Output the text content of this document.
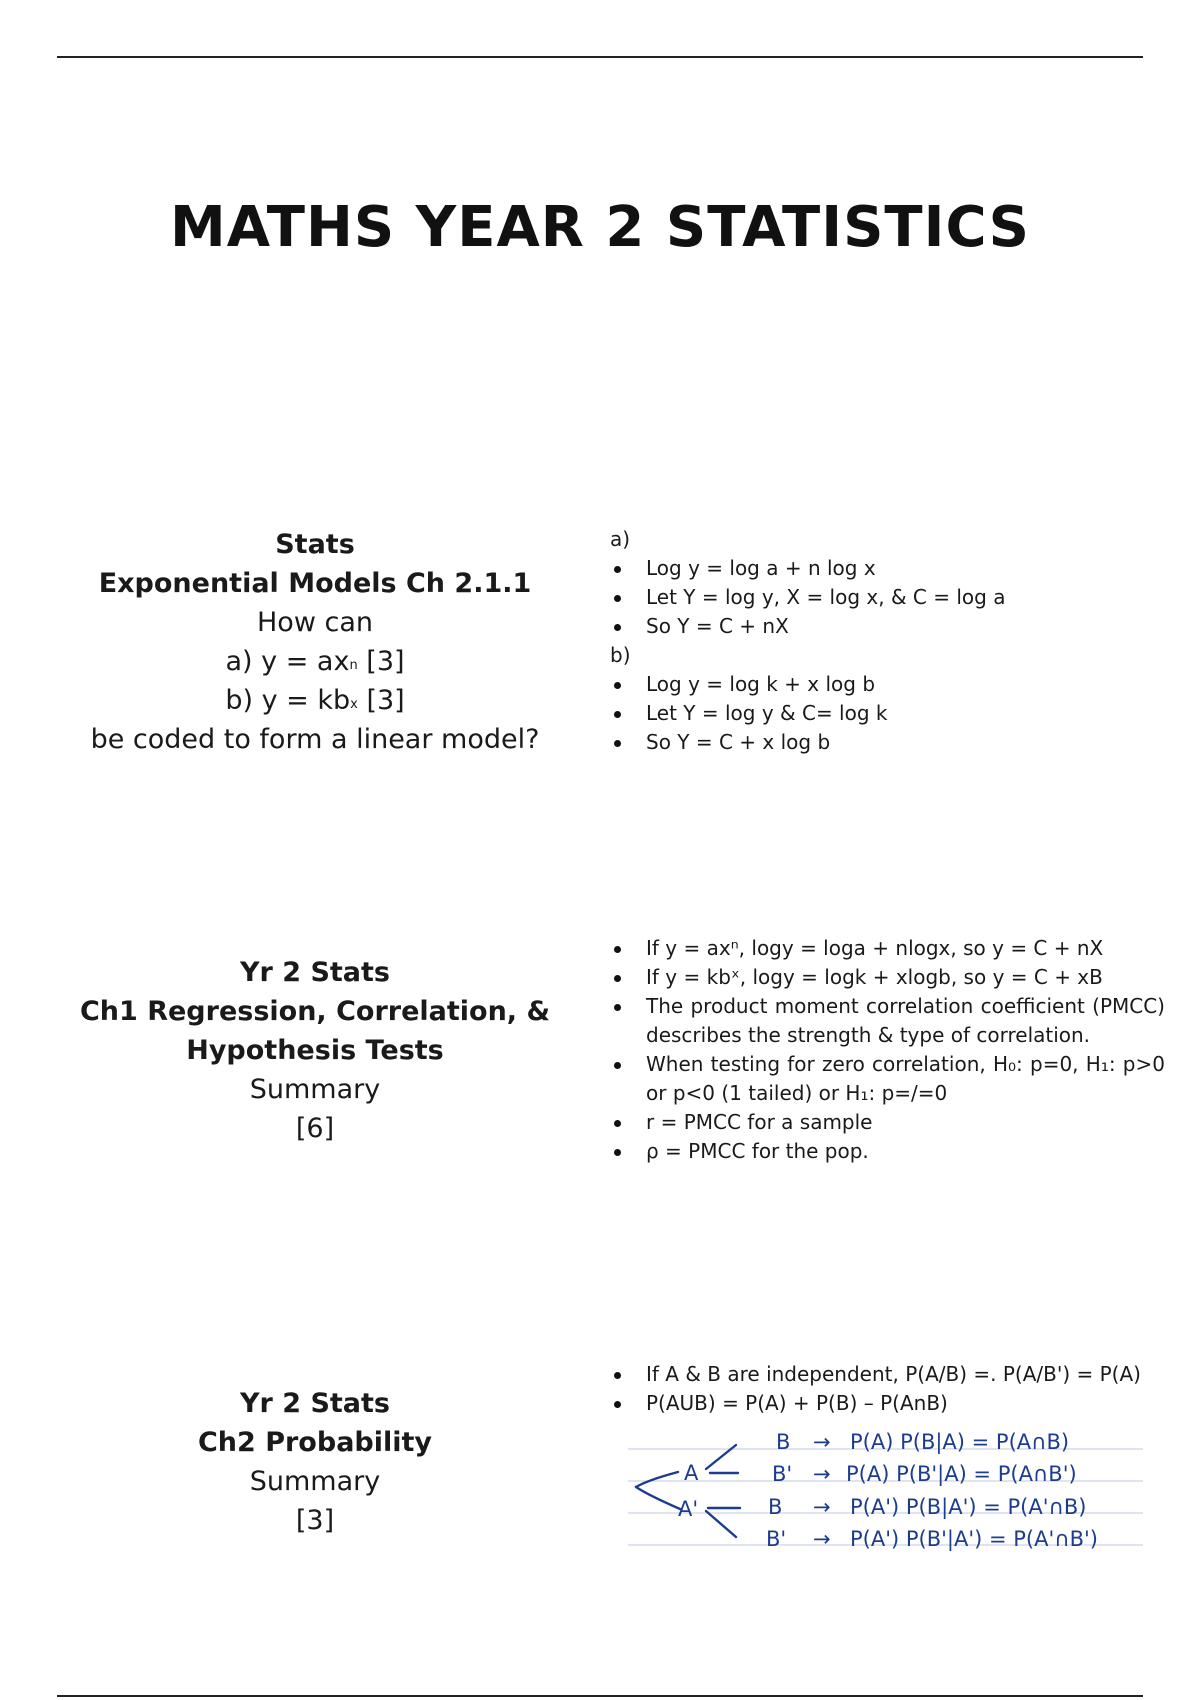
MATHS YEAR 2 STATISTICS
Stats
Exponential Models Ch 2.1.1
How can
a) $y = ax^n$ [3]
b) $y = kb^x$ [3]
be coded to form a linear model?
a)
Log y = log a + n log x
Let Y = log y, X = log x, & C = log a
So Y = C + nX
b)
Log y = log k + x log b
Let Y = log y & C= log k
So Y = C + x log b
Yr 2 Stats
Ch1 Regression, Correlation, &
Hypothesis Tests
Summary
[6]
If y = axⁿ, logy = loga + nlogx, so y = C + nX
If y = kbˣ, logy = logk + xlogb, so y = C + xB
The product moment correlation coefficient (PMCC) describes the strength & type of correlation.
When testing for zero correlation, H₀: p=0, H₁: p>0 or p<0 (1 tailed) or H₁: p=/=0
r = PMCC for a sample
ρ = PMCC for the pop.
Yr 2 Stats
Ch2 Probability
Summary
[3]
If A & B are independent, P(A/B) =. P(A/B') = P(A)
P(AUB) = P(A) + P(B) – P(AnB)
A
A'
B → P(A) P(B|A) = P(A∩B)
B' → P(A) P(B'|A) = P(A∩B')
B → P(A') P(B|A') = P(A'∩B)
B' → P(A') P(B'|A') = P(A'∩B')
